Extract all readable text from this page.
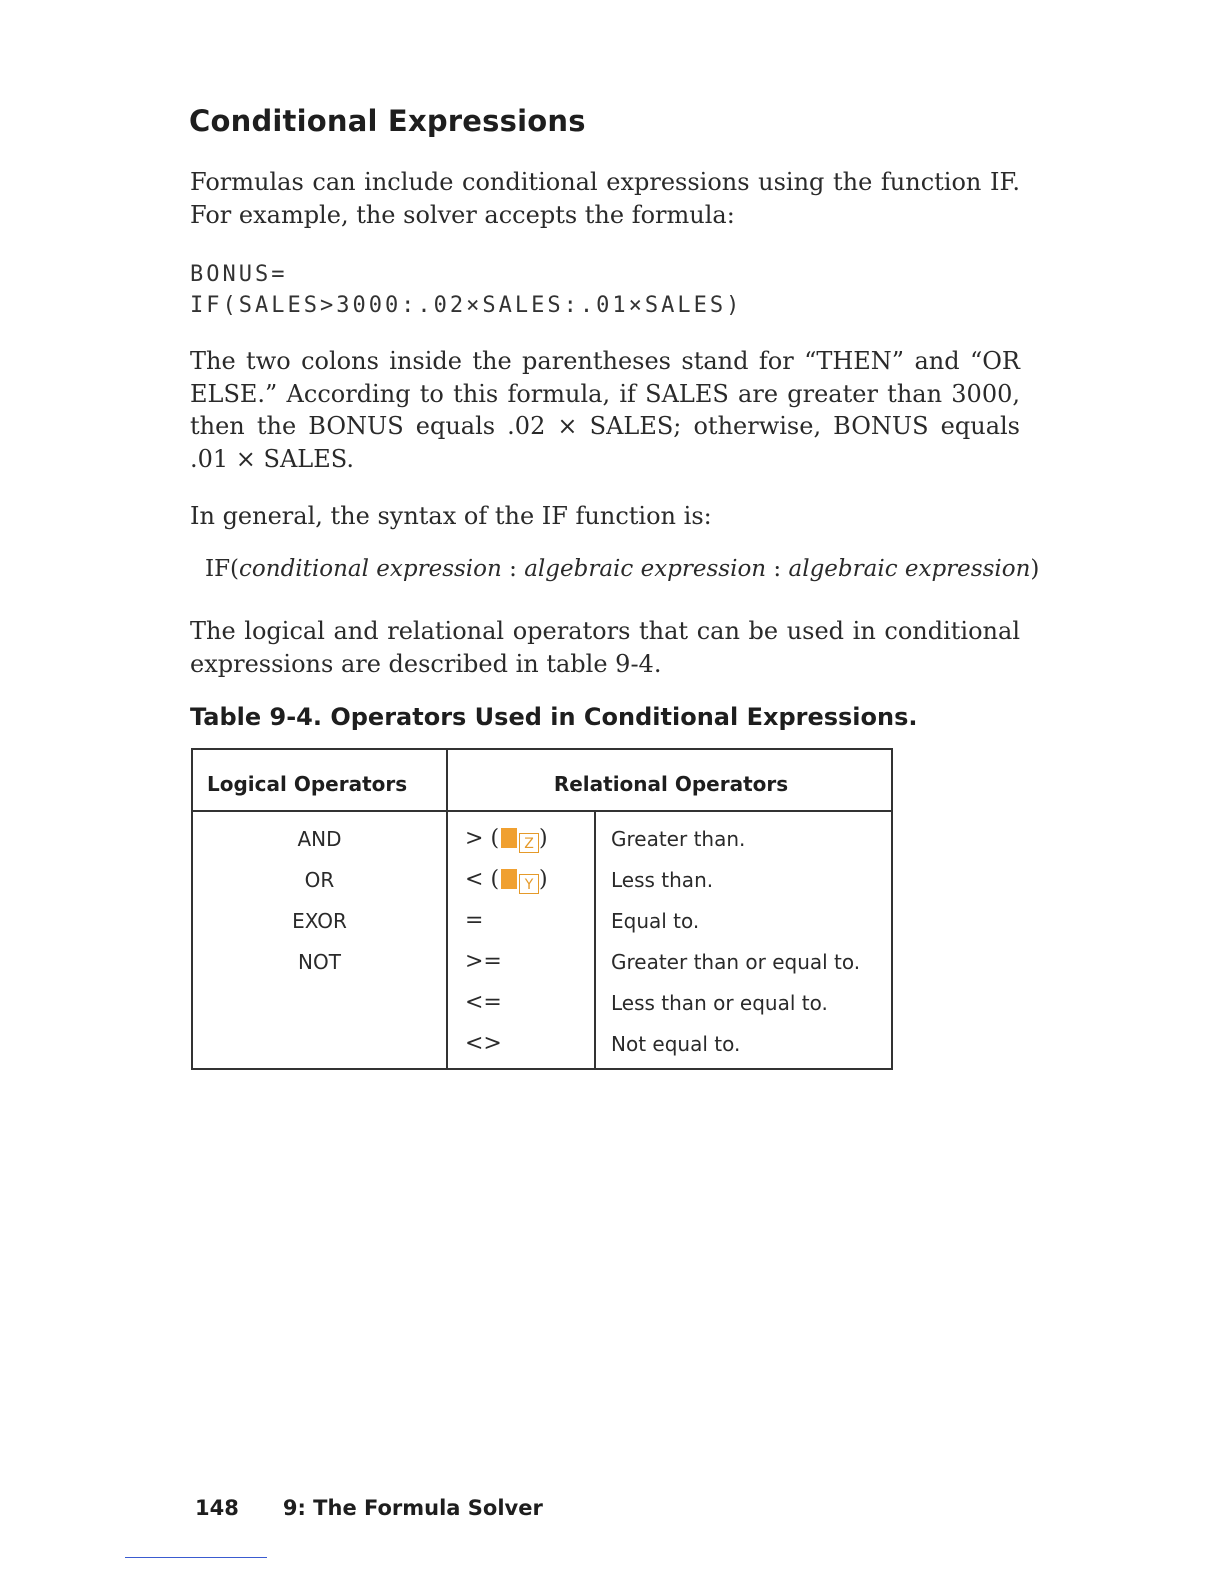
Conditional Expressions

Formulas can include conditional expressions using the function IF. For example, the solver accepts the formula:

BONUS=
IF(SALES>3000:.02×SALES:.01×SALES)

The two colons inside the parentheses stand for “THEN” and “OR ELSE.” According to this formula, if SALES are greater than 3000, then the BONUS equals .02 × SALES; otherwise, BONUS equals .01 × SALES.

In general, the syntax of the IF function is:

IF(conditional expression : algebraic expression : algebraic expression)

The logical and relational operators that can be used in conditional expressions are described in table 9-4.

Table 9-4. Operators Used in Conditional Expressions.

Logical Operators	Relational Operators
AND
OR
EXOR
NOT
> ( Z )
< ( Y )
=
>=
<=
<>
Greater than.
Less than.
Equal to.
Greater than or equal to.
Less than or equal to.
Not equal to.

148 9: The Formula Solver
